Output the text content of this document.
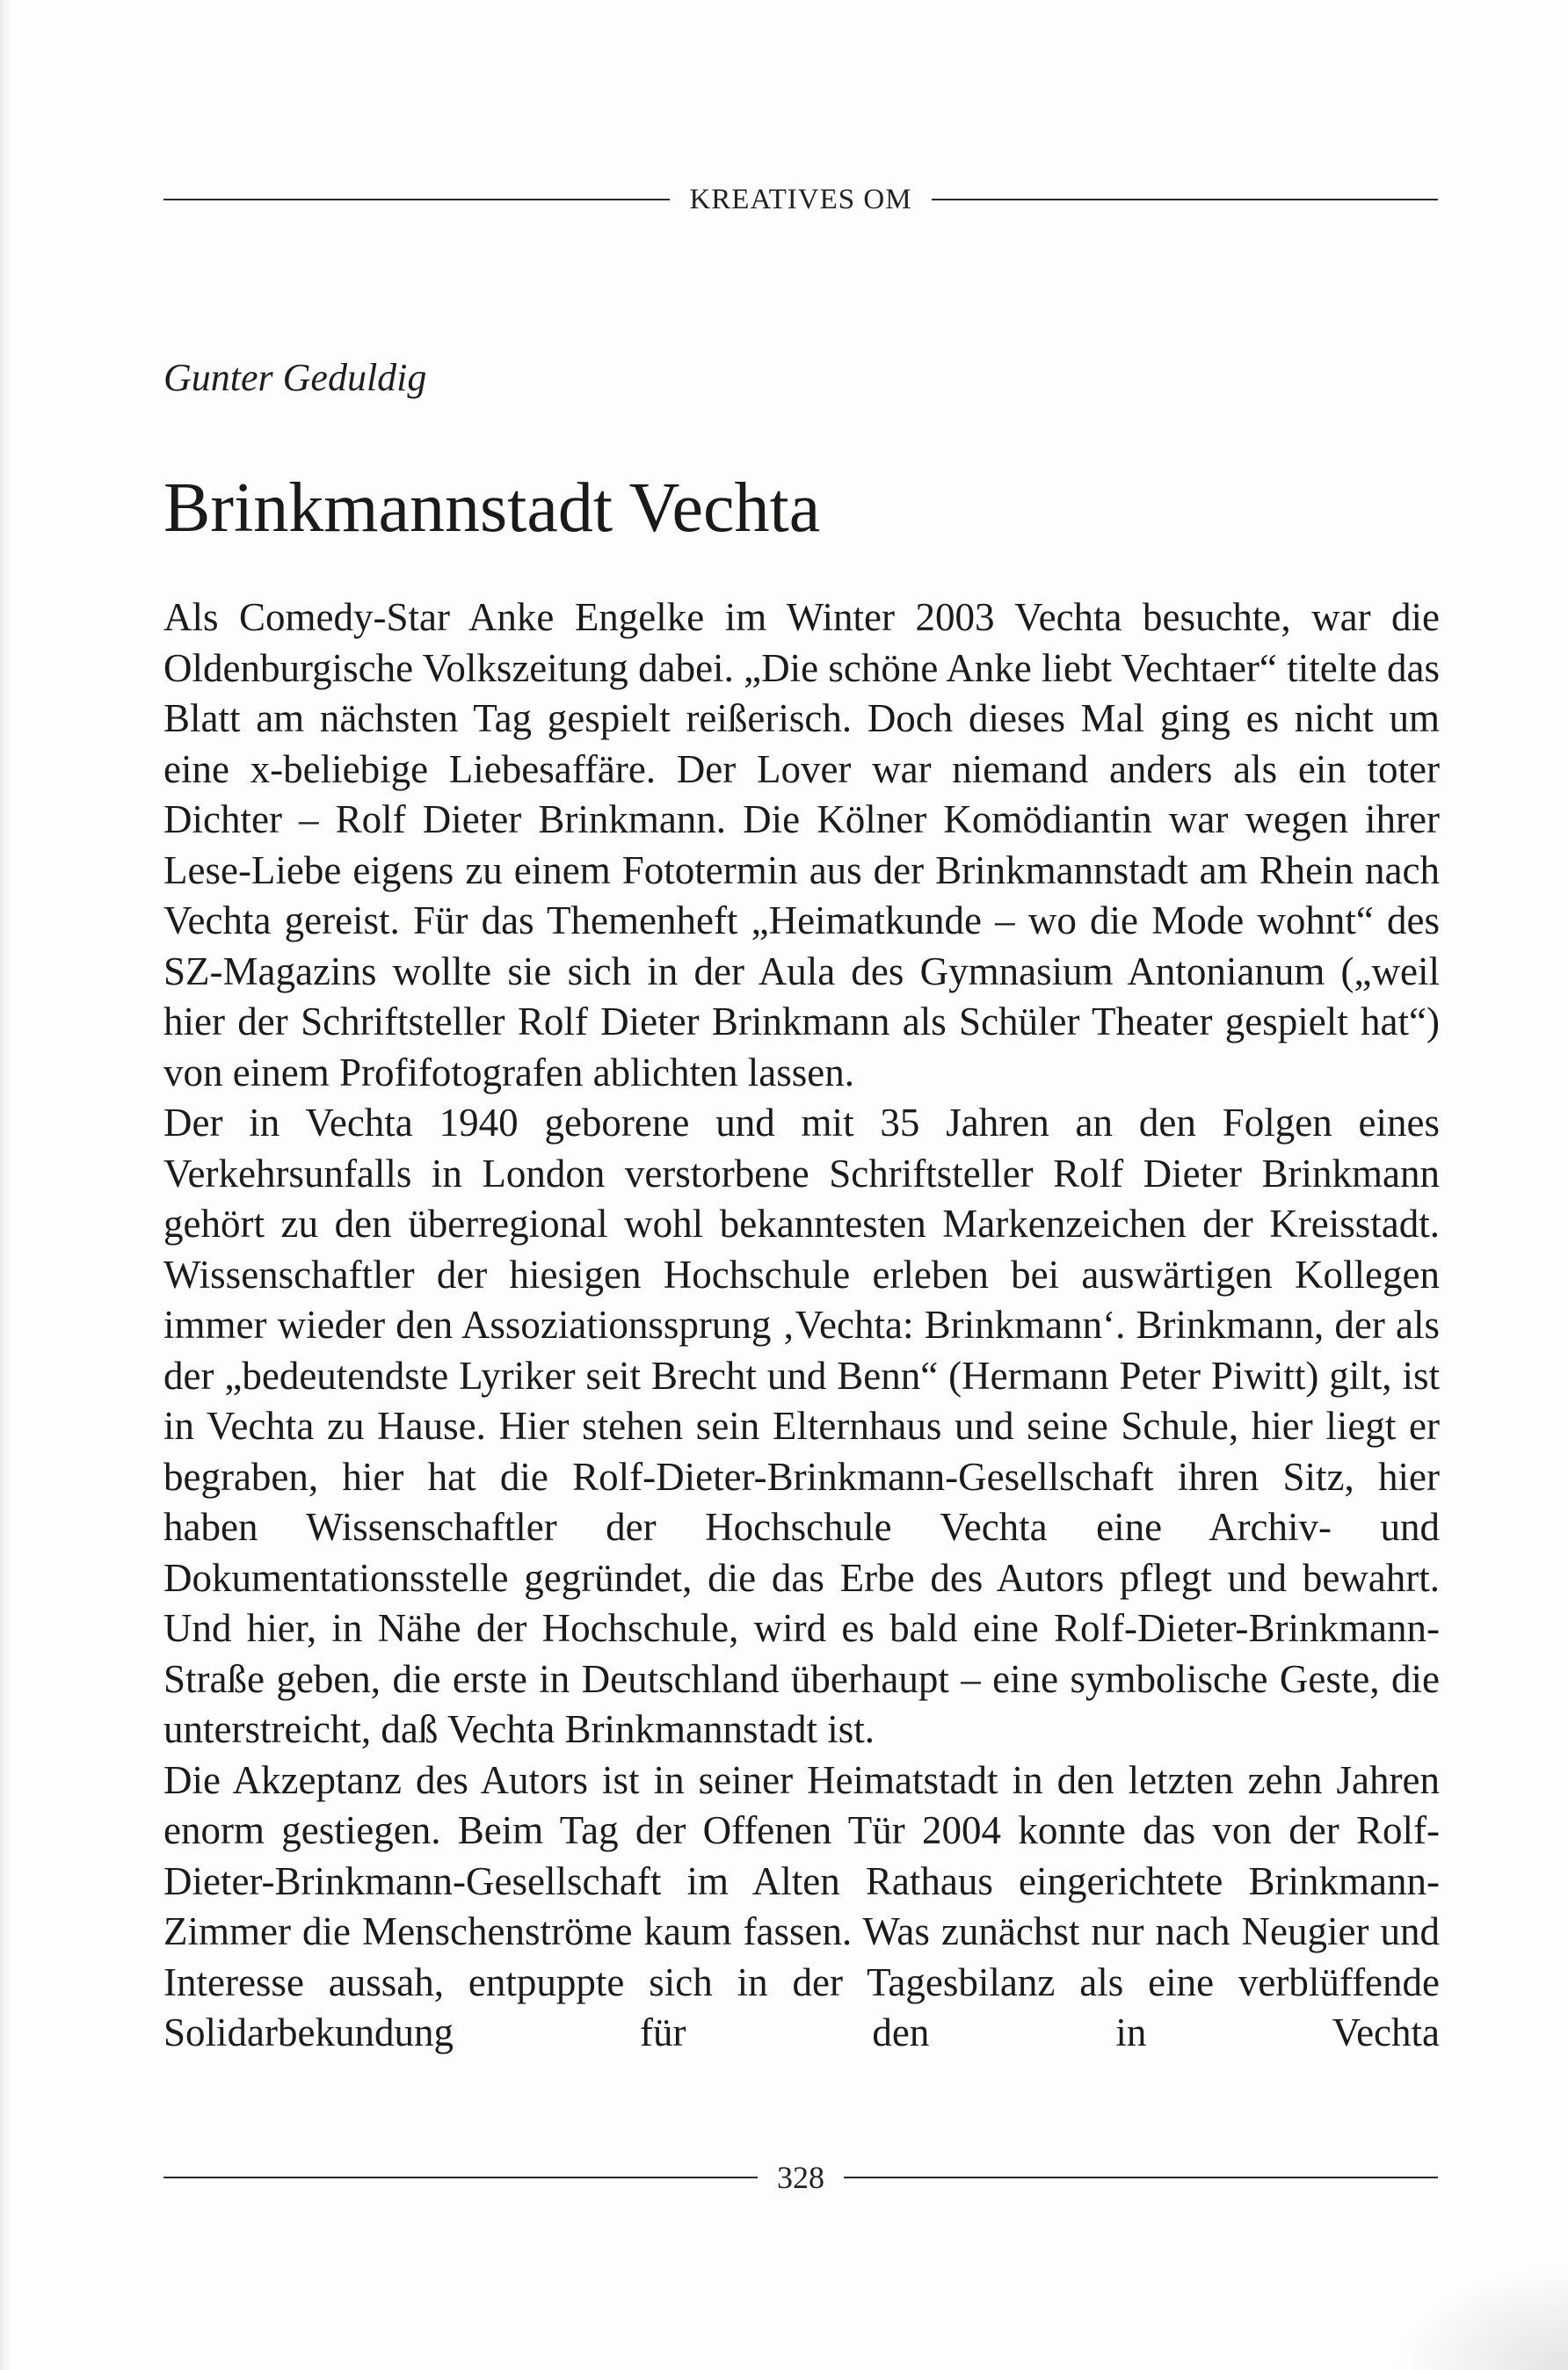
KREATIVES OM
Gunter Geduldig
Brinkmannstadt Vechta

Als Comedy-Star Anke Engelke im Winter 2003 Vechta besuchte, war die Oldenburgische Volkszeitung dabei. „Die schöne Anke liebt Vechtaer“ titelte das Blatt am nächsten Tag gespielt reißerisch. Doch dieses Mal ging es nicht um eine x-beliebige Liebesaffäre. Der Lover war niemand anders als ein toter Dichter – Rolf Dieter Brinkmann. Die Kölner Komödiantin war wegen ihrer Lese-Liebe eigens zu einem Fototermin aus der Brinkmannstadt am Rhein nach Vechta gereist. Für das Themenheft „Heimatkunde – wo die Mode wohnt“ des SZ-Magazins wollte sie sich in der Aula des Gymnasium Antonianum („weil hier der Schriftsteller Rolf Dieter Brinkmann als Schüler Theater gespielt hat“) von einem Profifotografen ablichten lassen.

Der in Vechta 1940 geborene und mit 35 Jahren an den Folgen eines Verkehrsunfalls in London verstorbene Schriftsteller Rolf Dieter Brinkmann gehört zu den überregional wohl bekanntesten Markenzeichen der Kreisstadt. Wissenschaftler der hiesigen Hochschule erleben bei auswärtigen Kollegen immer wieder den Assoziationssprung ‚Vechta: Brinkmann‘. Brinkmann, der als der „bedeutendste Lyriker seit Brecht und Benn“ (Hermann Peter Piwitt) gilt, ist in Vechta zu Hause. Hier stehen sein Elternhaus und seine Schule, hier liegt er begraben, hier hat die Rolf-Dieter-Brinkmann-Gesellschaft ihren Sitz, hier haben Wissenschaftler der Hochschule Vechta eine Archiv- und Dokumentationsstelle gegründet, die das Erbe des Autors pflegt und bewahrt. Und hier, in Nähe der Hochschule, wird es bald eine Rolf-Dieter-Brinkmann-Straße geben, die erste in Deutschland überhaupt – eine symbolische Geste, die unterstreicht, daß Vechta Brinkmannstadt ist.

Die Akzeptanz des Autors ist in seiner Heimatstadt in den letzten zehn Jahren enorm gestiegen. Beim Tag der Offenen Tür 2004 konnte das von der Rolf-Dieter-Brinkmann-Gesellschaft im Alten Rathaus eingerichtete Brinkmann-Zimmer die Menschenströme kaum fassen. Was zunächst nur nach Neugier und Interesse aussah, entpuppte sich in der Tagesbilanz als eine verblüffende Solidarbekundung für den in Vechta

328
